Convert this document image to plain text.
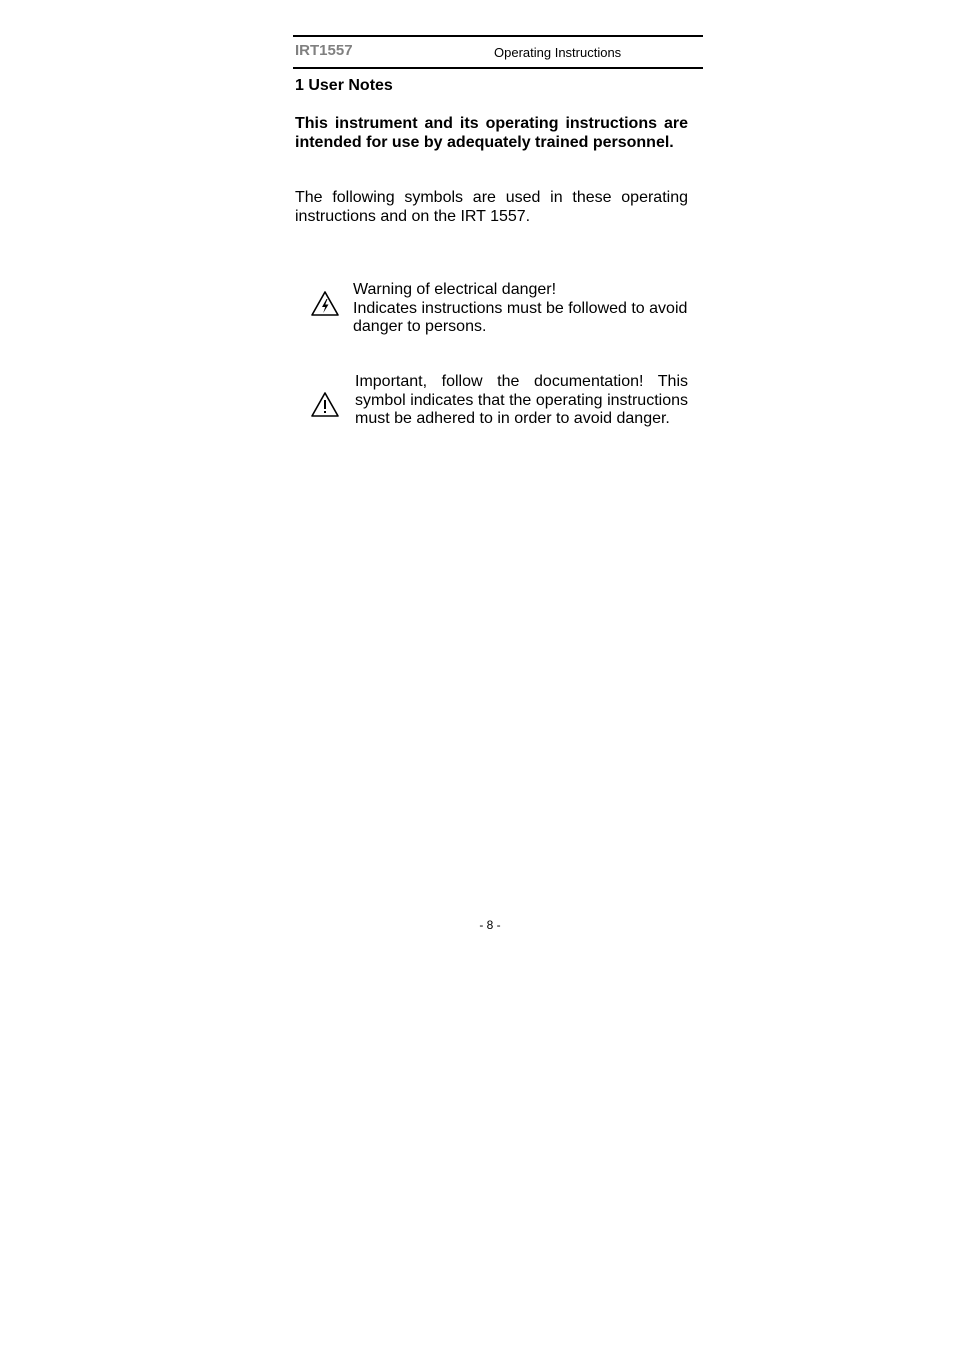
IRT1557	Operating Instructions
1 User Notes
This instrument and its operating instructions are intended for use by adequately trained personnel.
The following symbols are used in these operating instructions and on the IRT 1557.
Warning of electrical danger!
Indicates instructions must be followed to avoid danger to persons.
Important, follow the documentation! This symbol indicates that the operating instructions must be adhered to in order to avoid danger.
- 8 -
